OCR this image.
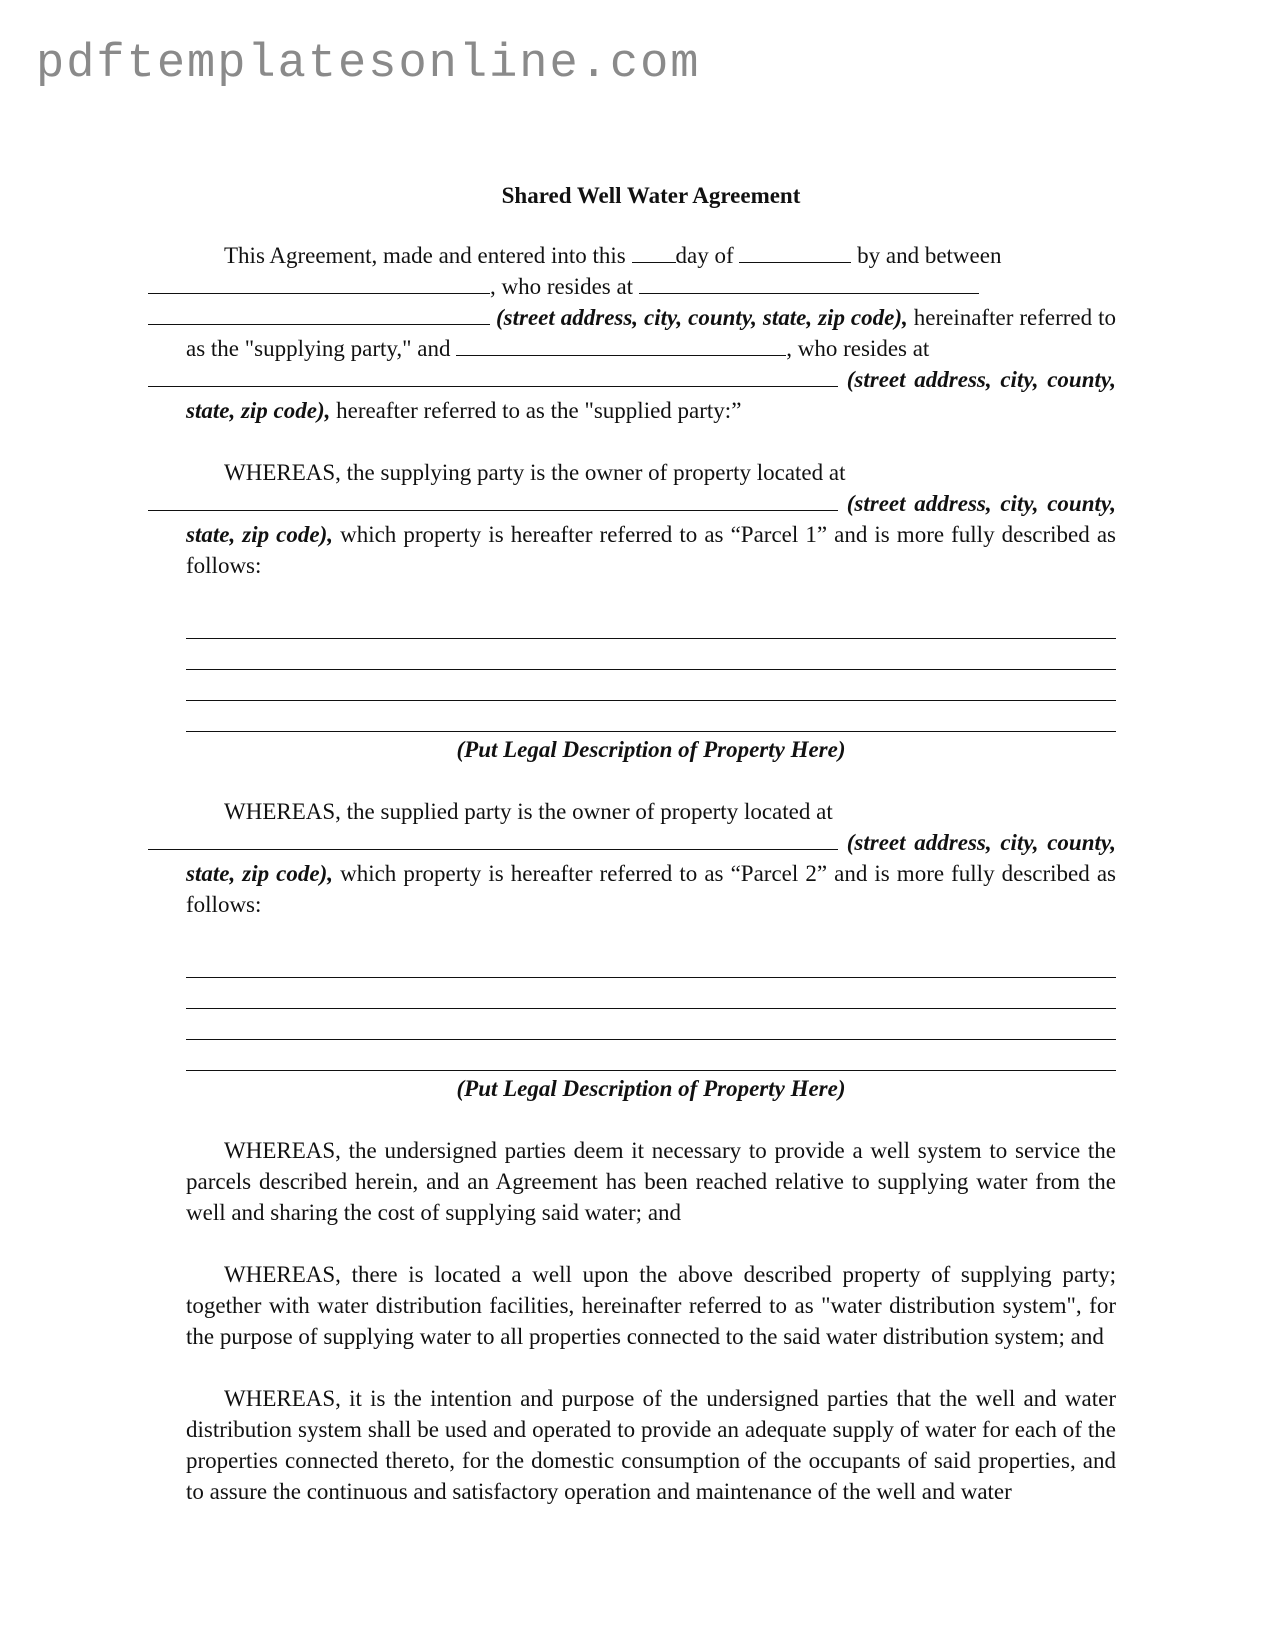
pdftemplatesonline.com
Shared Well Water Agreement
This Agreement, made and entered into this day of	by and between
, who resides at
(street address, city, county, state, zip code), hereinafter referred to as the "supplying party," and	, who resides at
(street address, city, county, state, zip code), hereafter referred to as the "supplied party:”
WHEREAS, the supplying party is the owner of property located at
(street address, city, county, state, zip code), which property is hereafter referred to as “Parcel 1” and is more fully described as follows:
(Put Legal Description of Property Here)
WHEREAS, the supplied party is the owner of property located at
(street address, city, county, state, zip code), which property is hereafter referred to as “Parcel 2” and is more fully described as follows:
(Put Legal Description of Property Here)
WHEREAS, the undersigned parties deem it necessary to provide a well system to service the parcels described herein, and an Agreement has been reached relative to supplying water from the well and sharing the cost of supplying said water; and
WHEREAS, there is located a well upon the above described property of supplying party; together with water distribution facilities, hereinafter referred to as "water distribution system", for the purpose of supplying water to all properties connected to the said water distribution system; and
WHEREAS, it is the intention and purpose of the undersigned parties that the well and water distribution system shall be used and operated to provide an adequate supply of water for each of the properties connected thereto, for the domestic consumption of the occupants of said properties, and to assure the continuous and satisfactory operation and maintenance of the well and water
